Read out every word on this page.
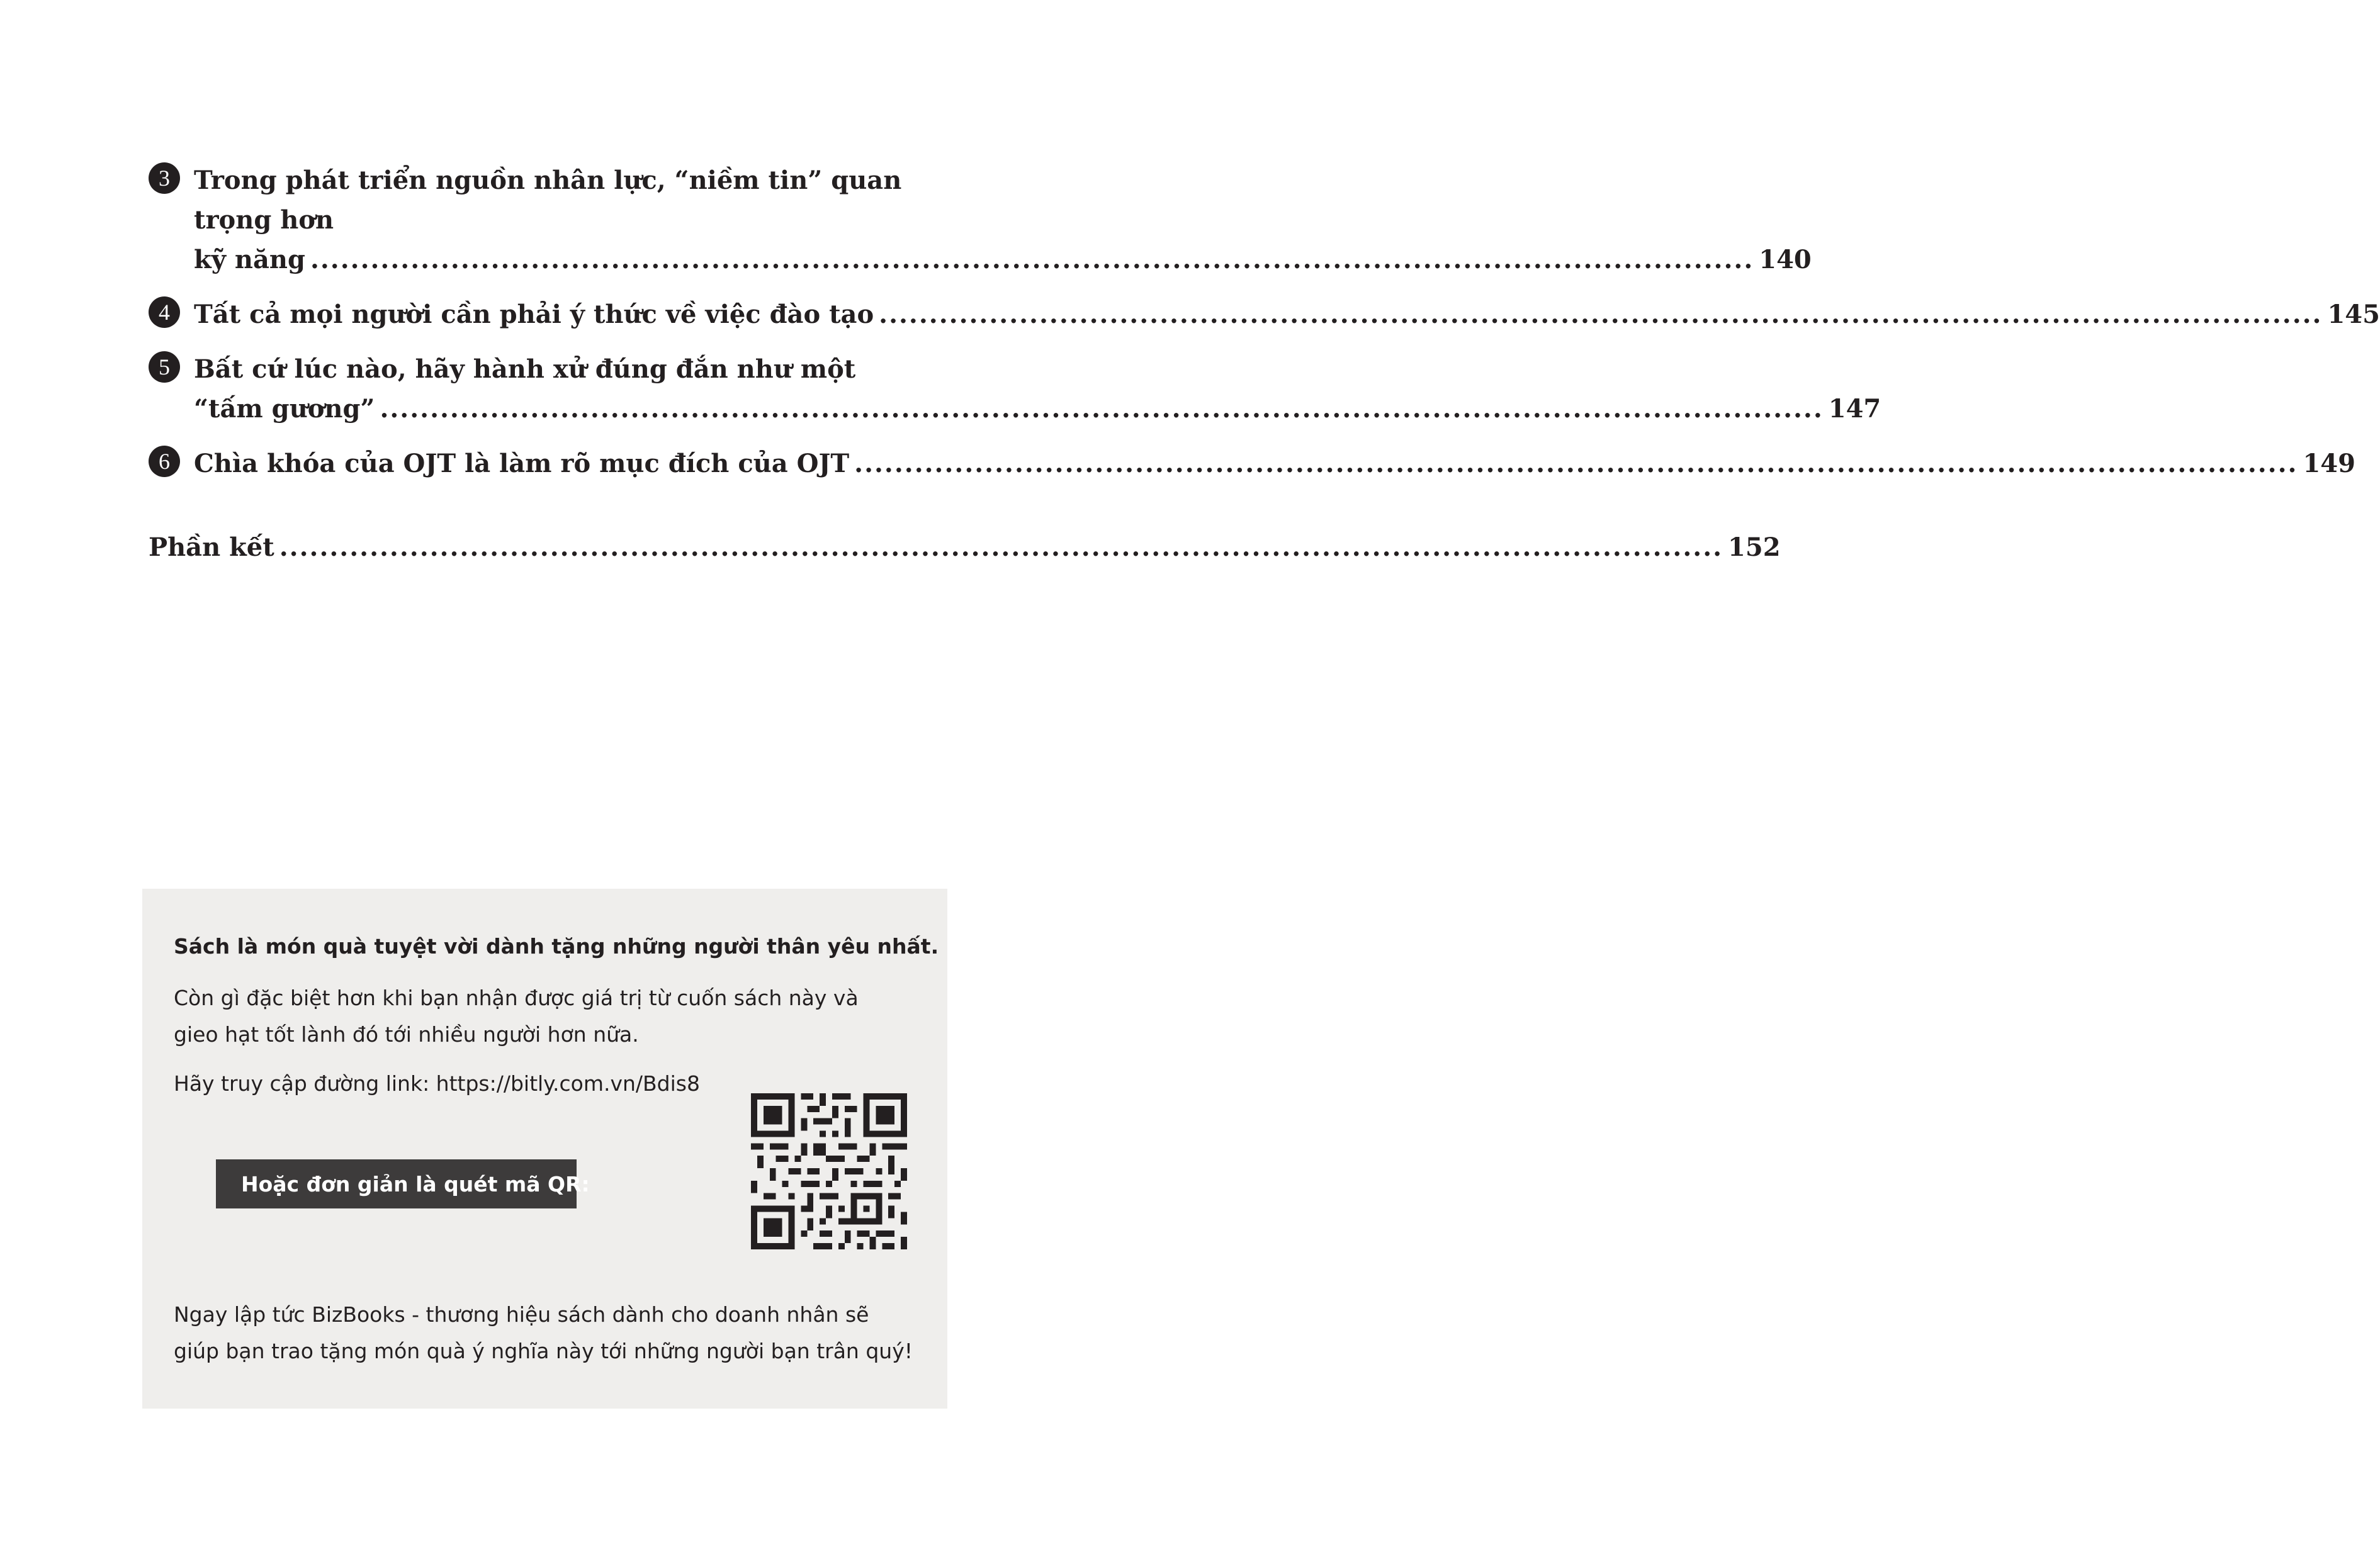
3 Trong phát triển nguồn nhân lực, “niềm tin” quan trọng hơn
kỹ năng ................................................................................................................................................ 140
4 Tất cả mọi người cần phải ý thức về việc đào tạo ................................................................................................................................................ 145
5 Bất cứ lúc nào, hãy hành xử đúng đắn như một
“tấm gương” ................................................................................................................................................ 147
6 Chìa khóa của OJT là làm rõ mục đích của OJT ................................................................................................................................................ 149
Phần kết ................................................................................................................................................ 152
Sách là món quà tuyệt vời dành tặng những người thân yêu nhất.
Còn gì đặc biệt hơn khi bạn nhận được giá trị từ cuốn sách này và
gieo hạt tốt lành đó tới nhiều người hơn nữa.
Hãy truy cập đường link: https://bitly.com.vn/Bdis8
Hoặc đơn giản là quét mã QR:
Ngay lập tức BizBooks - thương hiệu sách dành cho doanh nhân sẽ
giúp bạn trao tặng món quà ý nghĩa này tới những người bạn trân quý!
